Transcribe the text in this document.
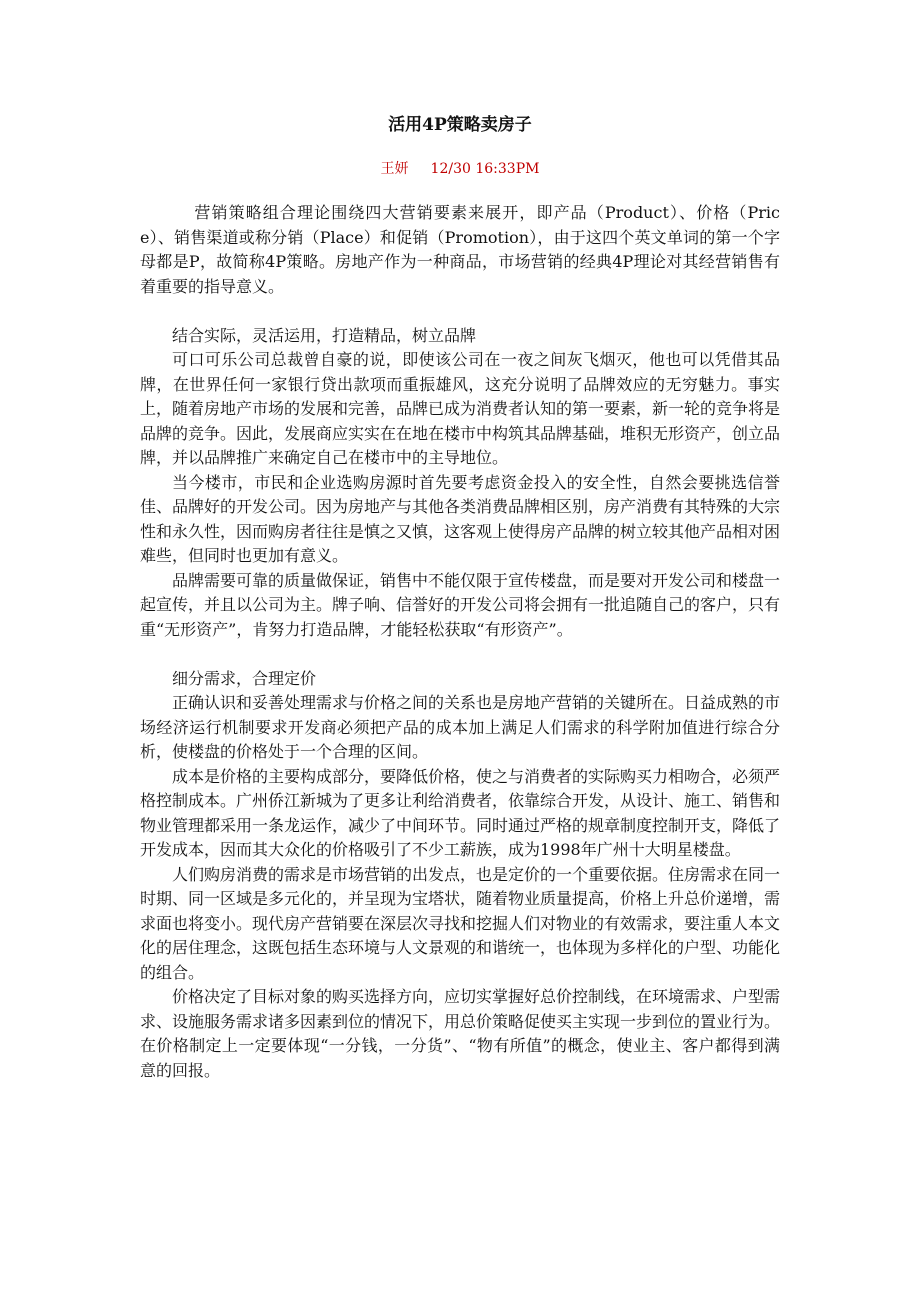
活用4P策略卖房子
王妍 12/30 16:33PM

营销策略组合理论围绕四大营销要素来展开，即产品（Product）、价格（Price）、销售渠道或称分销（Place）和促销（Promotion），由于这四个英文单词的第一个字母都是P，故简称4P策略。房地产作为一种商品，市场营销的经典4P理论对其经营销售有着重要的指导意义。

结合实际，灵活运用，打造精品，树立品牌

可口可乐公司总裁曾自豪的说，即使该公司在一夜之间灰飞烟灭，他也可以凭借其品牌，在世界任何一家银行贷出款项而重振雄风，这充分说明了品牌效应的无穷魅力。事实上，随着房地产市场的发展和完善，品牌已成为消费者认知的第一要素，新一轮的竞争将是品牌的竞争。因此，发展商应实实在在地在楼市中构筑其品牌基础，堆积无形资产，创立品牌，并以品牌推广来确定自己在楼市中的主导地位。

当今楼市，市民和企业选购房源时首先要考虑资金投入的安全性，自然会要挑选信誉佳、品牌好的开发公司。因为房地产与其他各类消费品牌相区别，房产消费有其特殊的大宗性和永久性，因而购房者往往是慎之又慎，这客观上使得房产品牌的树立较其他产品相对困难些，但同时也更加有意义。

品牌需要可靠的质量做保证，销售中不能仅限于宣传楼盘，而是要对开发公司和楼盘一起宣传，并且以公司为主。牌子响、信誉好的开发公司将会拥有一批追随自己的客户，只有重“无形资产”，肯努力打造品牌，才能轻松获取“有形资产”。

细分需求，合理定价

正确认识和妥善处理需求与价格之间的关系也是房地产营销的关键所在。日益成熟的市场经济运行机制要求开发商必须把产品的成本加上满足人们需求的科学附加值进行综合分析，使楼盘的价格处于一个合理的区间。

成本是价格的主要构成部分，要降低价格，使之与消费者的实际购买力相吻合，必须严格控制成本。广州侨江新城为了更多让利给消费者，依靠综合开发，从设计、施工、销售和物业管理都采用一条龙运作，减少了中间环节。同时通过严格的规章制度控制开支，降低了开发成本，因而其大众化的价格吸引了不少工薪族，成为1998年广州十大明星楼盘。

人们购房消费的需求是市场营销的出发点，也是定价的一个重要依据。住房需求在同一时期、同一区域是多元化的，并呈现为宝塔状，随着物业质量提高，价格上升总价递增，需求面也将变小。现代房产营销要在深层次寻找和挖掘人们对物业的有效需求，要注重人本文化的居住理念，这既包括生态环境与人文景观的和谐统一，也体现为多样化的户型、功能化的组合。

价格决定了目标对象的购买选择方向，应切实掌握好总价控制线，在环境需求、户型需求、设施服务需求诸多因素到位的情况下，用总价策略促使买主实现一步到位的置业行为。在价格制定上一定要体现“一分钱，一分货”、“物有所值”的概念，使业主、客户都得到满意的回报。
